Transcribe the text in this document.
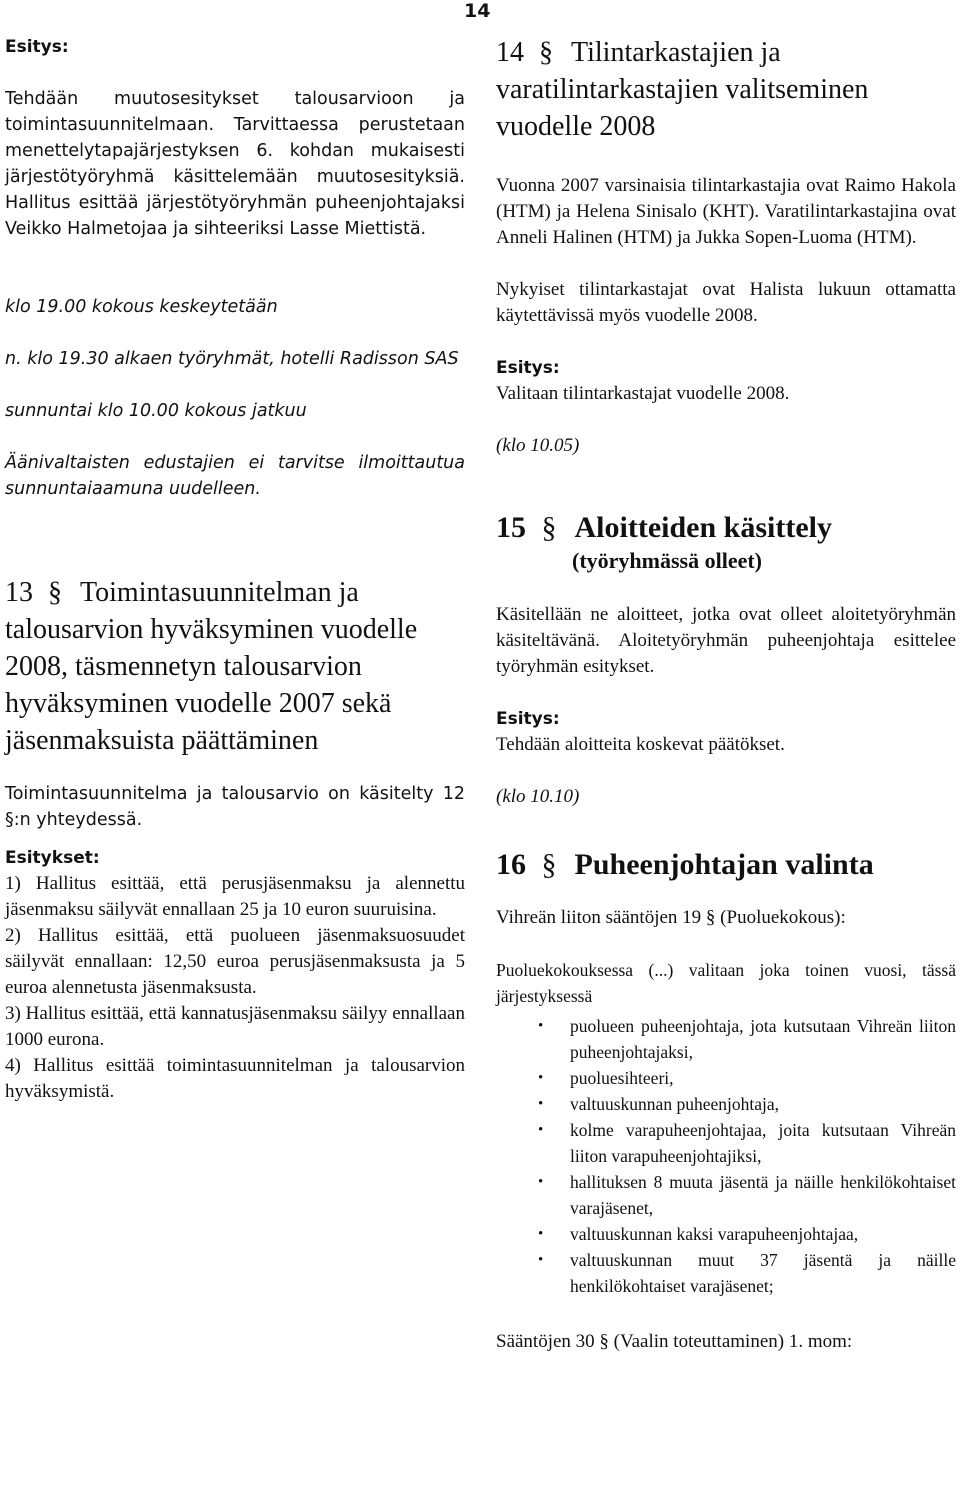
14

Esitys:

Tehdään muutosesitykset talousarvioon ja toimintasuunnitelmaan. Tarvittaessa perustetaan menettelytapajärjestyksen 6. kohdan mukaisesti järjestötyöryhmä käsittelemään muutosesityksiä. Hallitus esittää järjestötyöryhmän puheenjohtajaksi Veikko Halmetojaa ja sihteeriksi Lasse Miettistä.

klo 19.00 kokous keskeytetään

n. klo 19.30 alkaen työryhmät, hotelli Radisson SAS

sunnuntai klo 10.00 kokous jatkuu

Äänivaltaisten edustajien ei tarvitse ilmoittautua sunnuntaiaamuna uudelleen.

13 § Toimintasuunnitelman ja talousarvion hyväksyminen vuodelle 2008, täsmennetyn talousarvion hyväksyminen vuodelle 2007 sekä jäsenmaksuista päättäminen

Toimintasuunnitelma ja talousarvio on käsitelty 12 §:n yhteydessä.

Esitykset:

1) Hallitus esittää, että perusjäsenmaksu ja alennettu jäsenmaksu säilyvät ennallaan 25 ja 10 euron suuruisina.

2) Hallitus esittää, että puolueen jäsenmaksuosuudet säilyvät ennallaan: 12,50 euroa perusjäsenmaksusta ja 5 euroa alennetusta jäsenmaksusta.

3) Hallitus esittää, että kannatusjäsenmaksu säilyy ennallaan 1000 eurona.

4) Hallitus esittää toimintasuunnitelman ja talousarvion hyväksymistä.

14 § Tilintarkastajien ja varatilintarkastajien valitseminen vuodelle 2008

Vuonna 2007 varsinaisia tilintarkastajia ovat Raimo Hakola (HTM) ja Helena Sinisalo (KHT). Varatilintarkastajina ovat Anneli Halinen (HTM) ja Jukka Sopen-Luoma (HTM).

Nykyiset tilintarkastajat ovat Halista lukuun ottamatta käytettävissä myös vuodelle 2008.

Esitys:

Valitaan tilintarkastajat vuodelle 2008.

(klo 10.05)

15 § Aloitteiden käsittely

(työryhmässä olleet)

Käsitellään ne aloitteet, jotka ovat olleet aloitetyöryhmän käsiteltävänä. Aloitetyöryhmän puheenjohtaja esittelee työryhmän esitykset.

Esitys:

Tehdään aloitteita koskevat päätökset.

(klo 10.10)

16 § Puheenjohtajan valinta

Vihreän liiton sääntöjen 19 § (Puoluekokous):

Puoluekokouksessa (...) valitaan joka toinen vuosi, tässä järjestyksessä

• puolueen puheenjohtaja, jota kutsutaan Vihreän liiton puheenjohtajaksi,
• puoluesihteeri,
• valtuuskunnan puheenjohtaja,
• kolme varapuheenjohtajaa, joita kutsutaan Vihreän liiton varapuheenjohtajiksi,
• hallituksen 8 muuta jäsentä ja näille henkilökohtaiset varajäsenet,
• valtuuskunnan kaksi varapuheenjohtajaa,
• valtuuskunnan muut 37 jäsentä ja näille henkilökohtaiset varajäsenet;

Sääntöjen 30 § (Vaalin toteuttaminen) 1. mom:
